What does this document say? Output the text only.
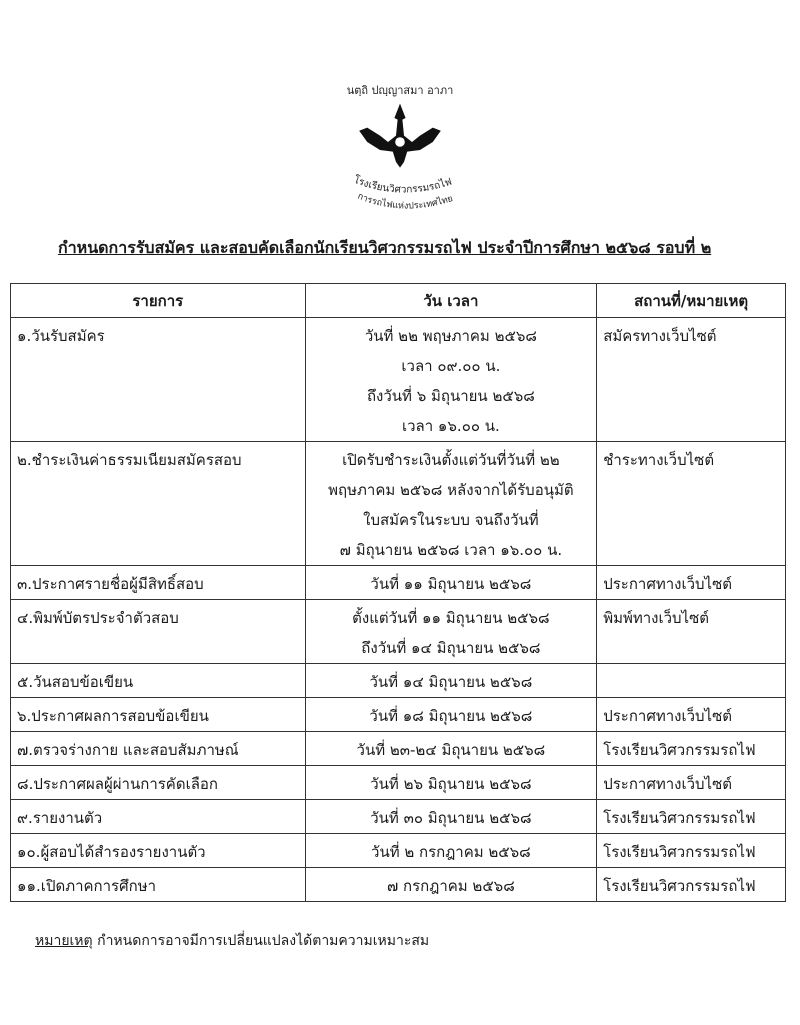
นตฺถิ ปญฺญาสมา อาภา
โรงเรียนวิศวกรรมรถไฟ
การรถไฟแห่งประเทศไทย
กำหนดการรับสมัคร และสอบคัดเลือกนักเรียนวิศวกรรมรถไฟ ประจำปีการศึกษา ๒๕๖๘ รอบที่ ๒
รายการ	วัน เวลา	สถานที่/หมายเหตุ
๑.วันรับสมัคร	วันที่ ๒๒ พฤษภาคม ๒๕๖๘
เวลา ๐๙.๐๐ น.
ถึงวันที่ ๖ มิถุนายน ๒๕๖๘
เวลา ๑๖.๐๐ น.	สมัครทางเว็บไซต์
๒.ชำระเงินค่าธรรมเนียมสมัครสอบ	เปิดรับชำระเงินตั้งแต่วันที่วันที่ ๒๒
พฤษภาคม ๒๕๖๘ หลังจากได้รับอนุมัติ
ใบสมัครในระบบ จนถึงวันที่
๗ มิถุนายน ๒๕๖๘ เวลา ๑๖.๐๐ น.	ชำระทางเว็บไซต์
๓.ประกาศรายชื่อผู้มีสิทธิ์สอบ	วันที่ ๑๑ มิถุนายน ๒๕๖๘	ประกาศทางเว็บไซต์
๔.พิมพ์บัตรประจำตัวสอบ	ตั้งแต่วันที่ ๑๑ มิถุนายน ๒๕๖๘
ถึงวันที่ ๑๔ มิถุนายน ๒๕๖๘	พิมพ์ทางเว็บไซต์
๕.วันสอบข้อเขียน	วันที่ ๑๔ มิถุนายน ๒๕๖๘	

๖.ประกาศผลการสอบข้อเขียน	วันที่ ๑๘ มิถุนายน ๒๕๖๘	ประกาศทางเว็บไซต์
๗.ตรวจร่างกาย และสอบสัมภาษณ์	วันที่ ๒๓-๒๔ มิถุนายน ๒๕๖๘	โรงเรียนวิศวกรรมรถไฟ
๘.ประกาศผลผู้ผ่านการคัดเลือก	วันที่ ๒๖ มิถุนายน ๒๕๖๘	ประกาศทางเว็บไซต์
๙.รายงานตัว	วันที่ ๓๐ มิถุนายน ๒๕๖๘	โรงเรียนวิศวกรรมรถไฟ
๑๐.ผู้สอบได้สำรองรายงานตัว	วันที่ ๒ กรกฎาคม ๒๕๖๘	โรงเรียนวิศวกรรมรถไฟ
๑๑.เปิดภาคการศึกษา	๗ กรกฎาคม ๒๕๖๘	โรงเรียนวิศวกรรมรถไฟ
หมายเหตุ กำหนดการอาจมีการเปลี่ยนแปลงได้ตามความเหมาะสม
